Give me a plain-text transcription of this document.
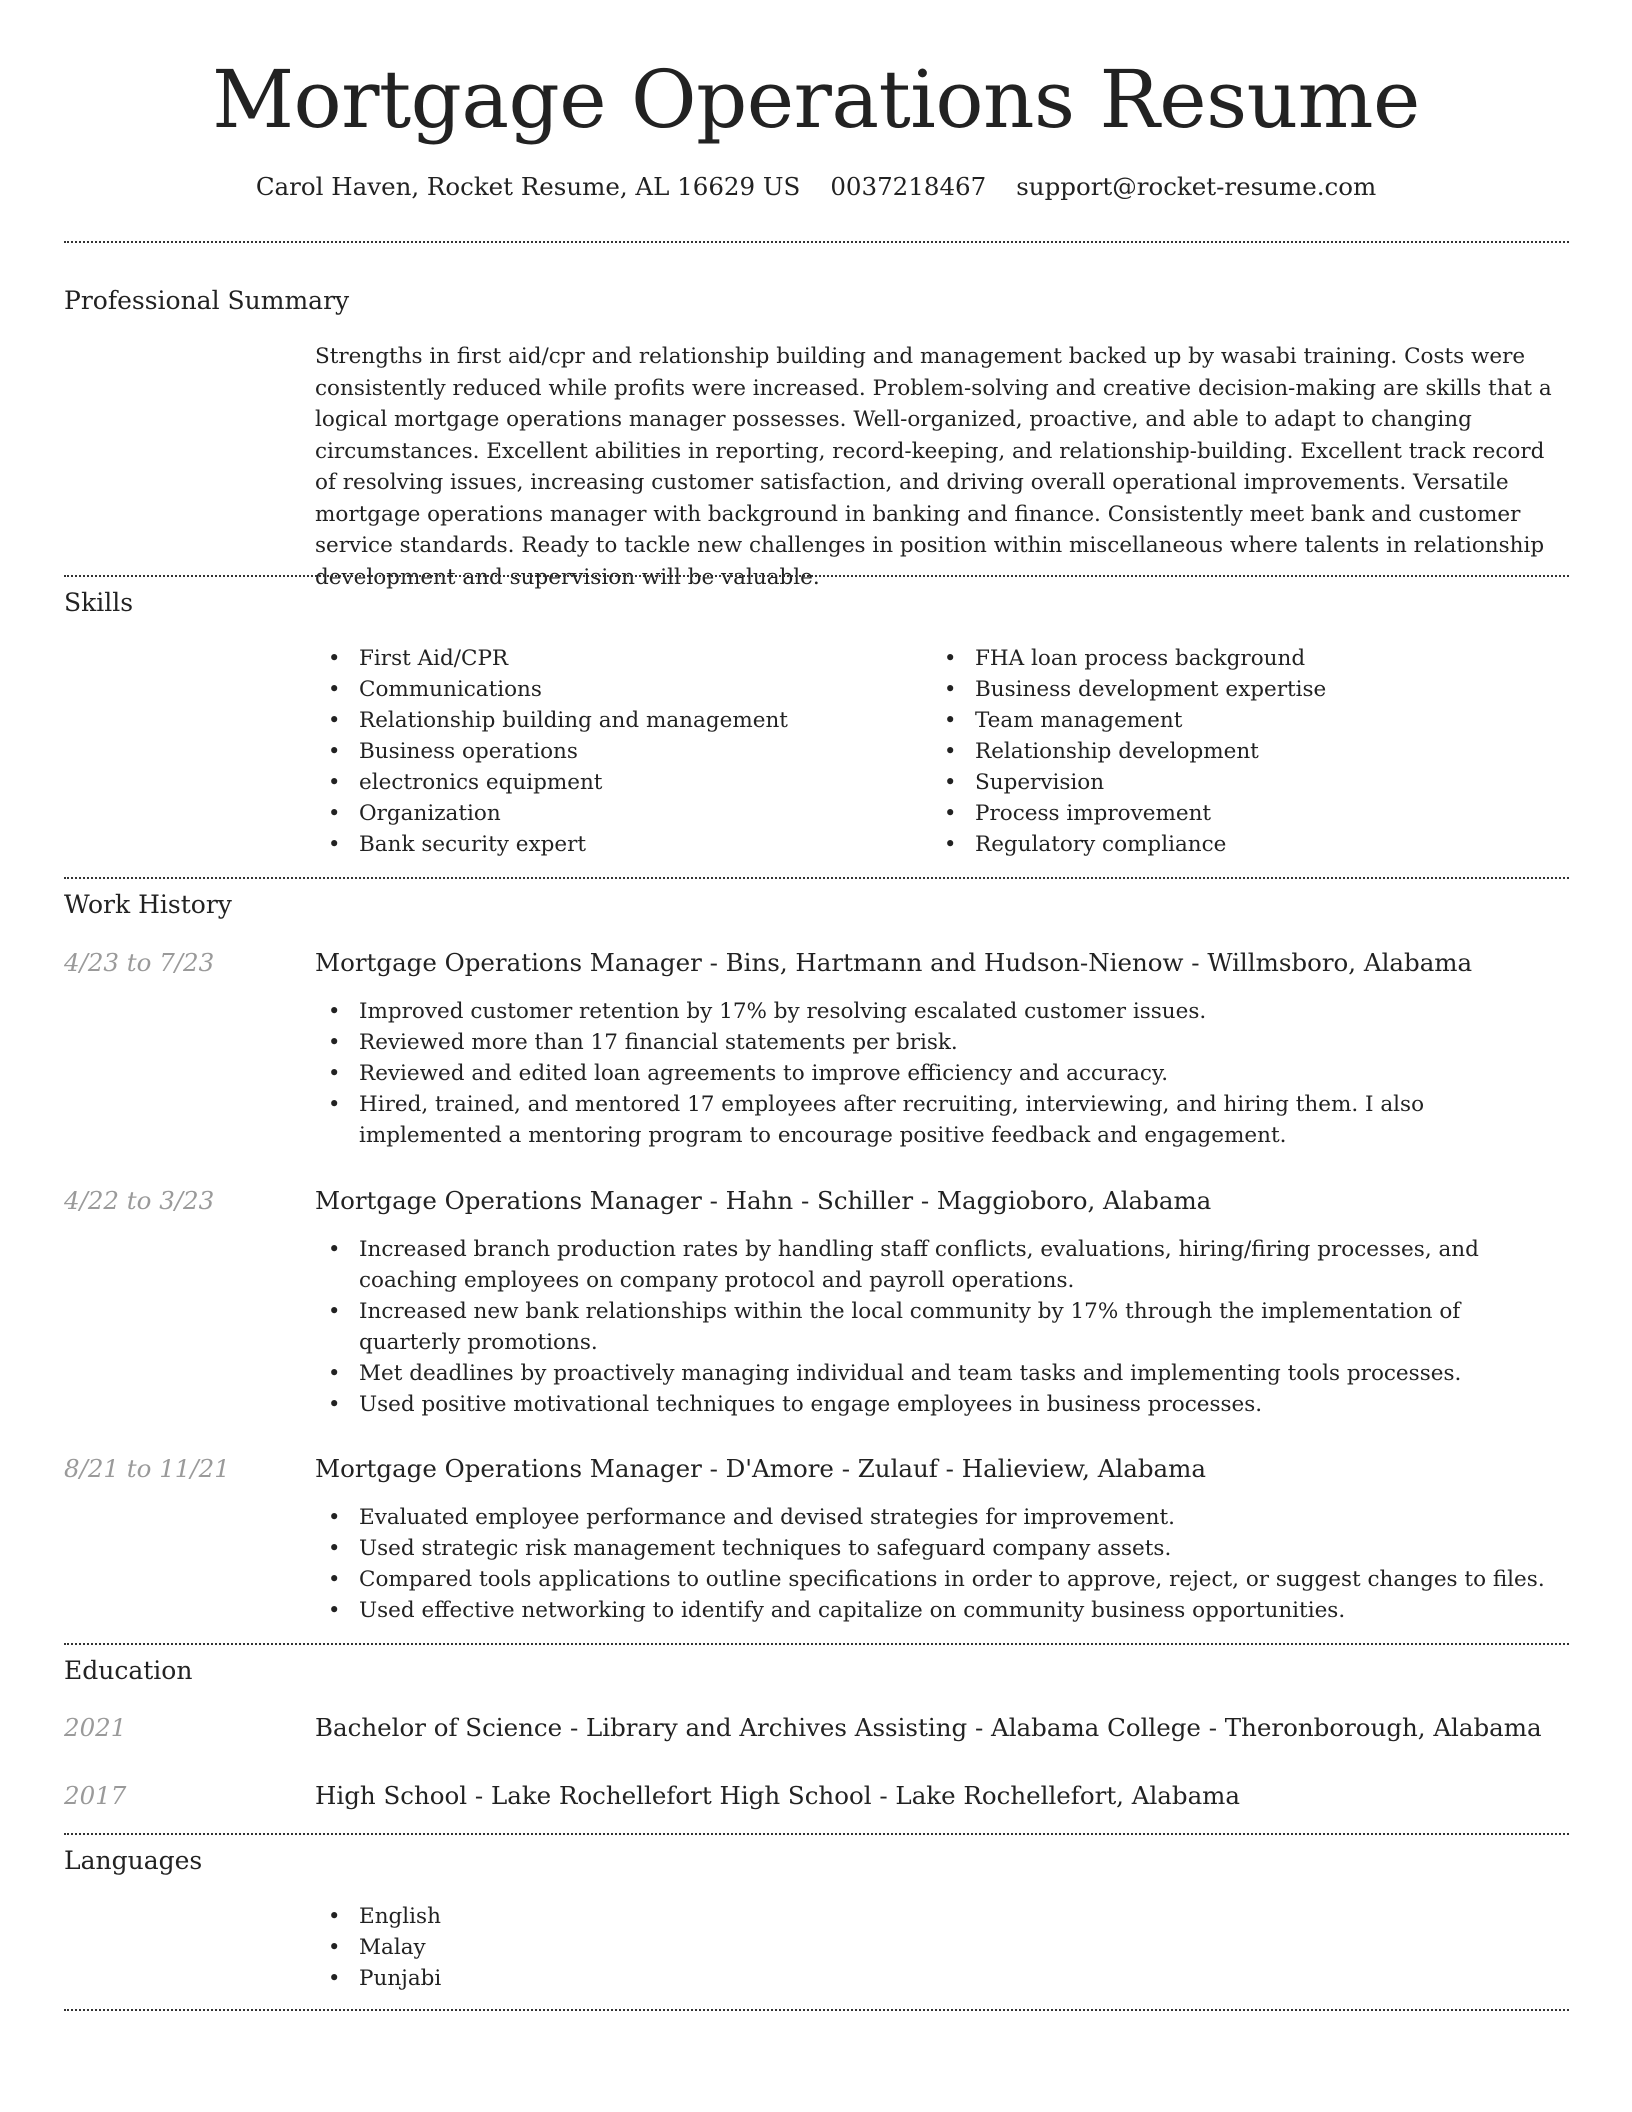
Mortgage Operations Resume
Carol Haven, Rocket Resume, AL 16629 US 0037218467 support@rocket-resume.com
Professional Summary

Strengths in first aid/cpr and relationship building and management backed up by wasabi training. Costs were consistently reduced while profits were increased. Problem-solving and creative decision-making are skills that a logical mortgage operations manager possesses. Well-organized, proactive, and able to adapt to changing circumstances. Excellent abilities in reporting, record-keeping, and relationship-building. Excellent track record of resolving issues, increasing customer satisfaction, and driving overall operational improvements. Versatile mortgage operations manager with background in banking and finance. Consistently meet bank and customer service standards. Ready to tackle new challenges in position within miscellaneous where talents in relationship development and supervision will be valuable.

Skills
• First Aid/CPR
• Communications
• Relationship building and management
• Business operations
• electronics equipment
• Organization
• Bank security expert
• FHA loan process background
• Business development expertise
• Team management
• Relationship development
• Supervision
• Process improvement
• Regulatory compliance
Work History
4/23 to 7/23	Mortgage Operations Manager - Bins, Hartmann and Hudson-Nienow - Willmsboro, Alabama
• Improved customer retention by 17% by resolving escalated customer issues.
• Reviewed more than 17 financial statements per brisk.
• Reviewed and edited loan agreements to improve efficiency and accuracy.
• Hired, trained, and mentored 17 employees after recruiting, interviewing, and hiring them. I also implemented a mentoring program to encourage positive feedback and engagement.
4/22 to 3/23	Mortgage Operations Manager - Hahn - Schiller - Maggioboro, Alabama
• Increased branch production rates by handling staff conflicts, evaluations, hiring/firing processes, and coaching employees on company protocol and payroll operations.
• Increased new bank relationships within the local community by 17% through the implementation of quarterly promotions.
• Met deadlines by proactively managing individual and team tasks and implementing tools processes.
• Used positive motivational techniques to engage employees in business processes.
8/21 to 11/21	Mortgage Operations Manager - D'Amore - Zulauf - Halieview, Alabama
• Evaluated employee performance and devised strategies for improvement.
• Used strategic risk management techniques to safeguard company assets.
• Compared tools applications to outline specifications in order to approve, reject, or suggest changes to files.
• Used effective networking to identify and capitalize on community business opportunities.
Education
2021	Bachelor of Science - Library and Archives Assisting - Alabama College - Theronborough, Alabama
2017	High School - Lake Rochellefort High School - Lake Rochellefort, Alabama
Languages
• English
• Malay
• Punjabi
